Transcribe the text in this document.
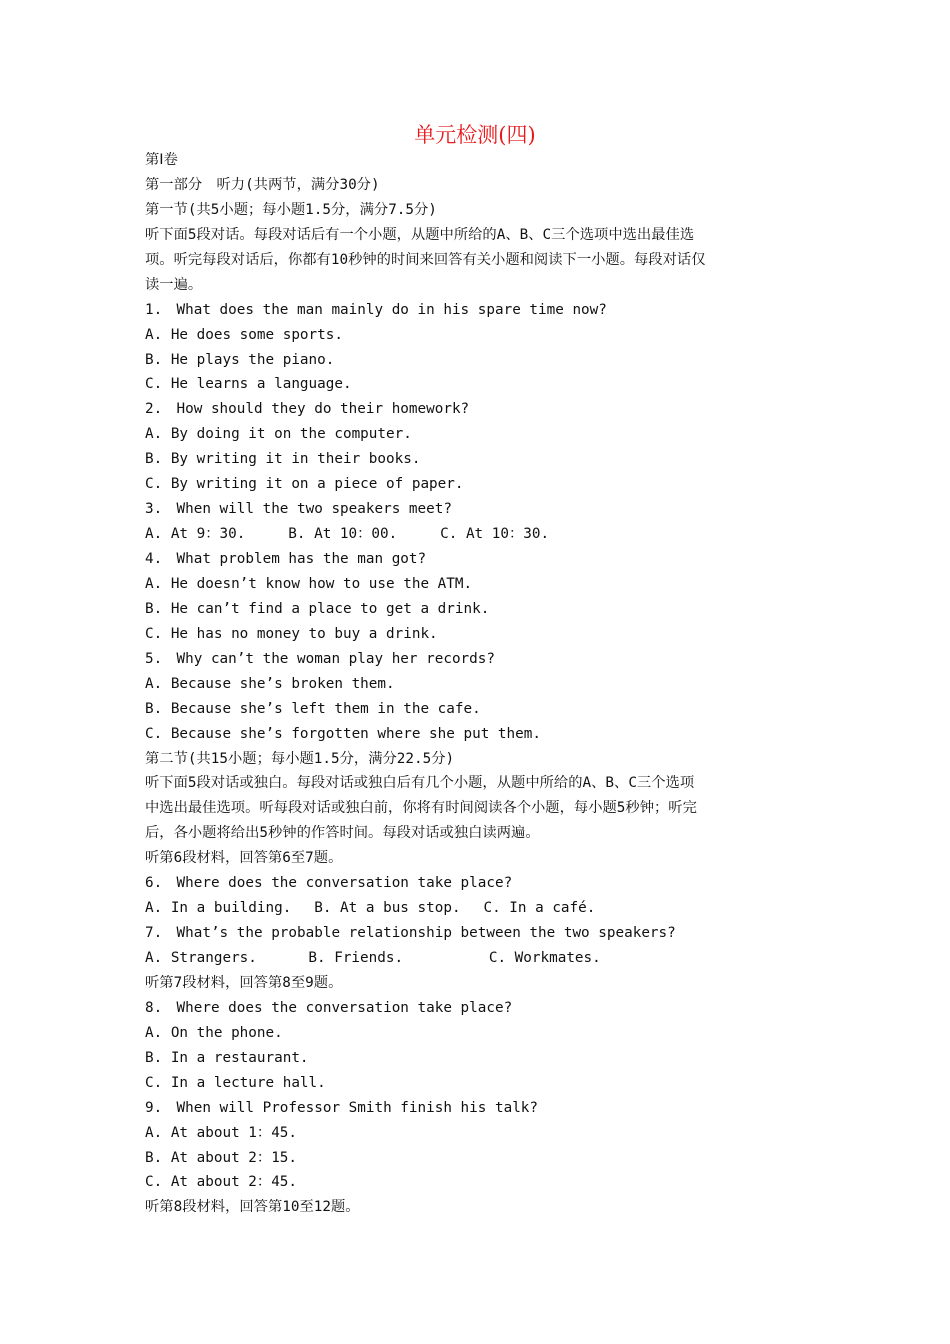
单元检测(四)
第Ⅰ卷
第一部分　听力(共两节，满分30分)
第一节(共5小题；每小题1.5分，满分7.5分)
听下面5段对话。每段对话后有一个小题，从题中所给的A、B、C三个选项中选出最佳选
项。听完每段对话后，你都有10秒钟的时间来回答有关小题和阅读下一小题。每段对话仅
读一遍。
1.　What does the man mainly do in his spare time now?
A. He does some sports.
B. He plays the piano.
C. He learns a language.
2.　How should they do their homework?
A. By doing it on the computer.
B. By writing it in their books.
C. By writing it on a piece of paper.
3.　When will the two speakers meet?
A. At 9：30.　　　B. At 10：00.　　　C. At 10：30.
4.　What problem has the man got?
A. He doesn’t know how to use the ATM.
B. He can’t find a place to get a drink.
C. He has no money to buy a drink.
5.　Why can’t the woman play her records?
A. Because she’s broken them.
B. Because she’s left them in the cafe.
C. Because she’s forgotten where she put them.
第二节(共15小题；每小题1.5分，满分22.5分)
听下面5段对话或独白。每段对话或独白后有几个小题，从题中所给的A、B、C三个选项
中选出最佳选项。听每段对话或独白前，你将有时间阅读各个小题，每小题5秒钟；听完
后，各小题将给出5秒钟的作答时间。每段对话或独白读两遍。
听第6段材料，回答第6至7题。
6.　Where does the conversation take place?
A. In a building.　 B. At a bus stop.　 C. In a café.
7.　What’s the probable relationship between the two speakers?
A. Strangers.　　　 B. Friends.　　　　　　C. Workmates.
听第7段材料，回答第8至9题。
8.　Where does the conversation take place?
A. On the phone.
B. In a restaurant.
C. In a lecture hall.
9.　When will Professor Smith finish his talk?
A. At about 1：45.
B. At about 2：15.
C. At about 2：45.
听第8段材料，回答第10至12题。
